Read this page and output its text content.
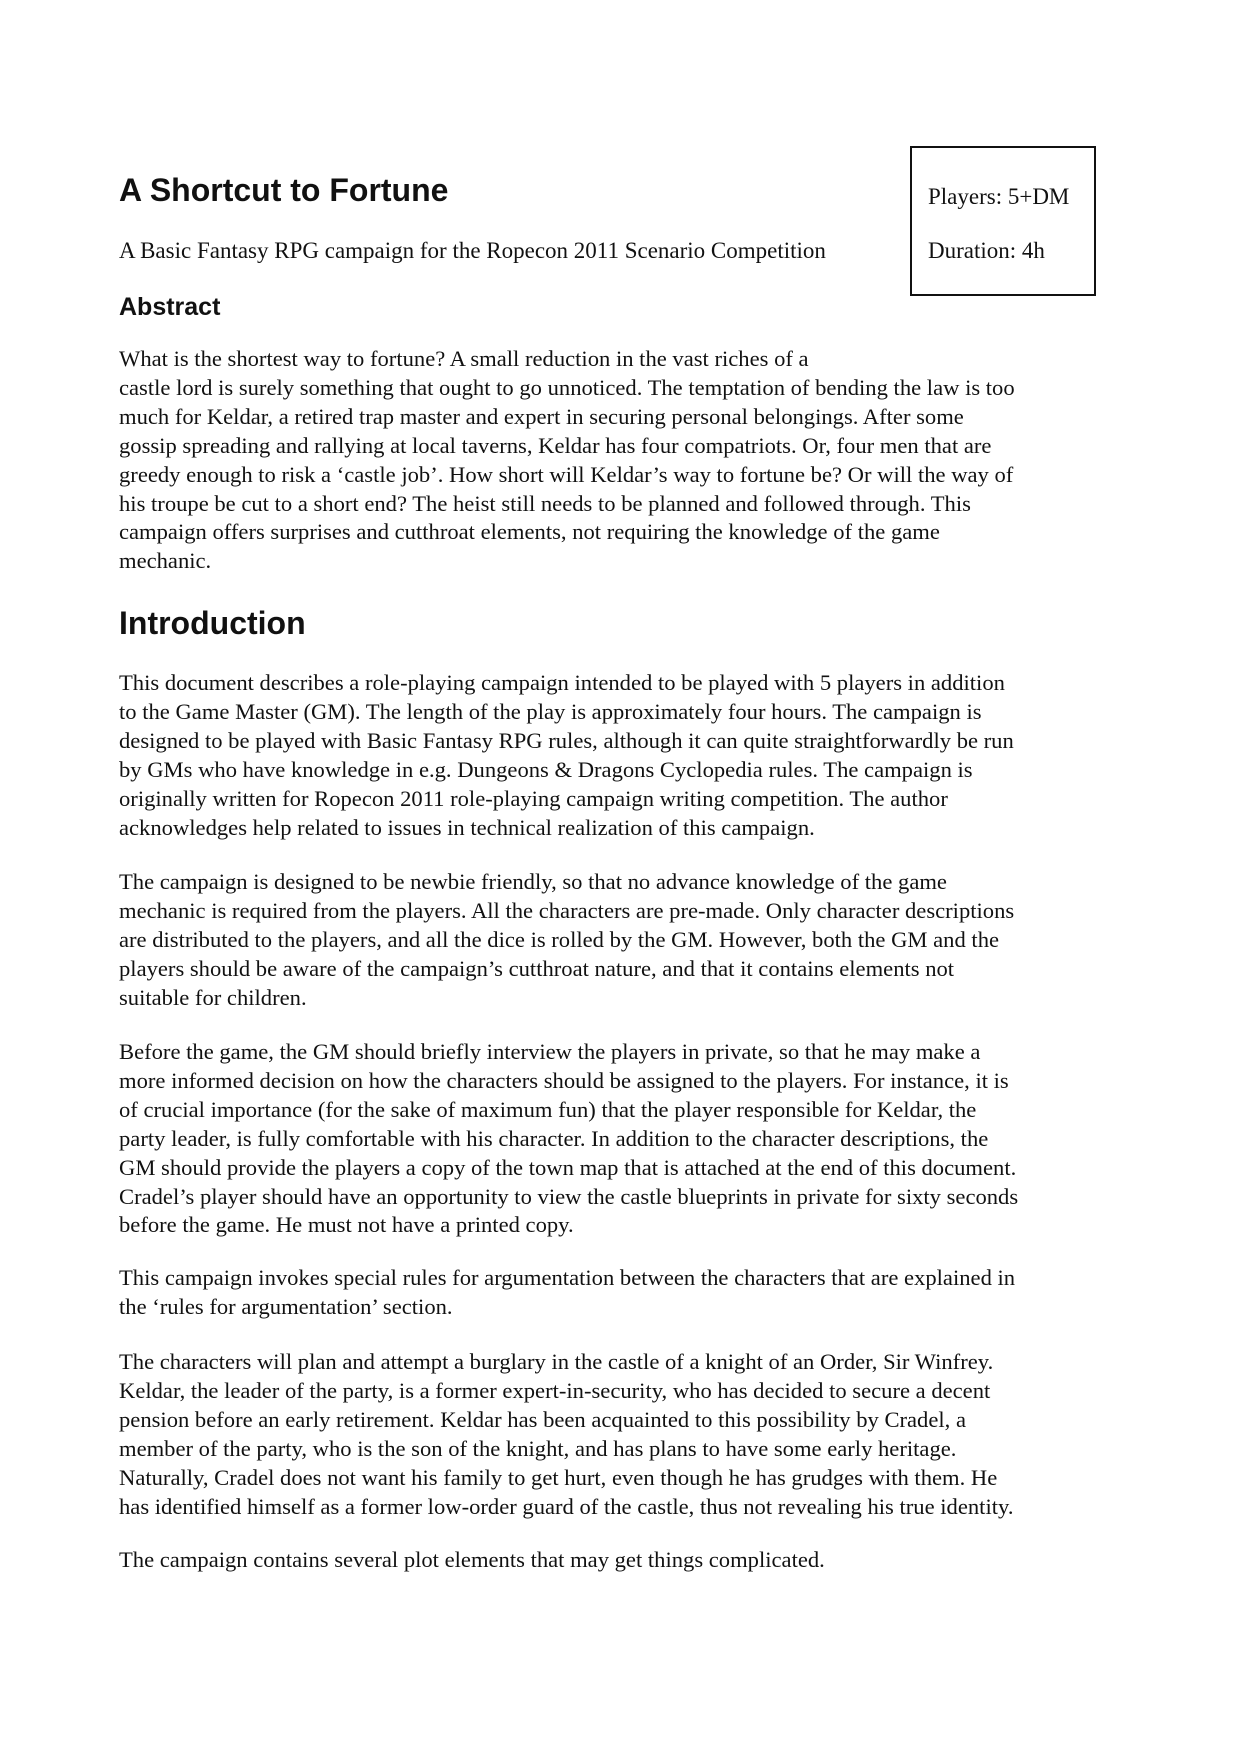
A Shortcut to Fortune

A Basic Fantasy RPG campaign for the Ropecon 2011 Scenario Competition

Players: 5+DM
Duration: 4h
Abstract

What is the shortest way to fortune? A small reduction in the vast riches of a
castle lord is surely something that ought to go unnoticed. The temptation of bending the law is too
much for Keldar, a retired trap master and expert in securing personal belongings. After some
gossip spreading and rallying at local taverns, Keldar has four compatriots. Or, four men that are
greedy enough to risk a ‘castle job’. How short will Keldar’s way to fortune be? Or will the way of
his troupe be cut to a short end? The heist still needs to be planned and followed through. This
campaign offers surprises and cutthroat elements, not requiring the knowledge of the game
mechanic.

Introduction

This document describes a role-playing campaign intended to be played with 5 players in addition
to the Game Master (GM). The length of the play is approximately four hours. The campaign is
designed to be played with Basic Fantasy RPG rules, although it can quite straightforwardly be run
by GMs who have knowledge in e.g. Dungeons & Dragons Cyclopedia rules. The campaign is
originally written for Ropecon 2011 role-playing campaign writing competition. The author
acknowledges help related to issues in technical realization of this campaign.

The campaign is designed to be newbie friendly, so that no advance knowledge of the game
mechanic is required from the players. All the characters are pre-made. Only character descriptions
are distributed to the players, and all the dice is rolled by the GM. However, both the GM and the
players should be aware of the campaign’s cutthroat nature, and that it contains elements not
suitable for children.

Before the game, the GM should briefly interview the players in private, so that he may make a
more informed decision on how the characters should be assigned to the players. For instance, it is
of crucial importance (for the sake of maximum fun) that the player responsible for Keldar, the
party leader, is fully comfortable with his character. In addition to the character descriptions, the
GM should provide the players a copy of the town map that is attached at the end of this document.
Cradel’s player should have an opportunity to view the castle blueprints in private for sixty seconds
before the game. He must not have a printed copy.

This campaign invokes special rules for argumentation between the characters that are explained in
the ‘rules for argumentation’ section.

The characters will plan and attempt a burglary in the castle of a knight of an Order, Sir Winfrey.
Keldar, the leader of the party, is a former expert-in-security, who has decided to secure a decent
pension before an early retirement. Keldar has been acquainted to this possibility by Cradel, a
member of the party, who is the son of the knight, and has plans to have some early heritage.
Naturally, Cradel does not want his family to get hurt, even though he has grudges with them. He
has identified himself as a former low-order guard of the castle, thus not revealing his true identity.

The campaign contains several plot elements that may get things complicated.
